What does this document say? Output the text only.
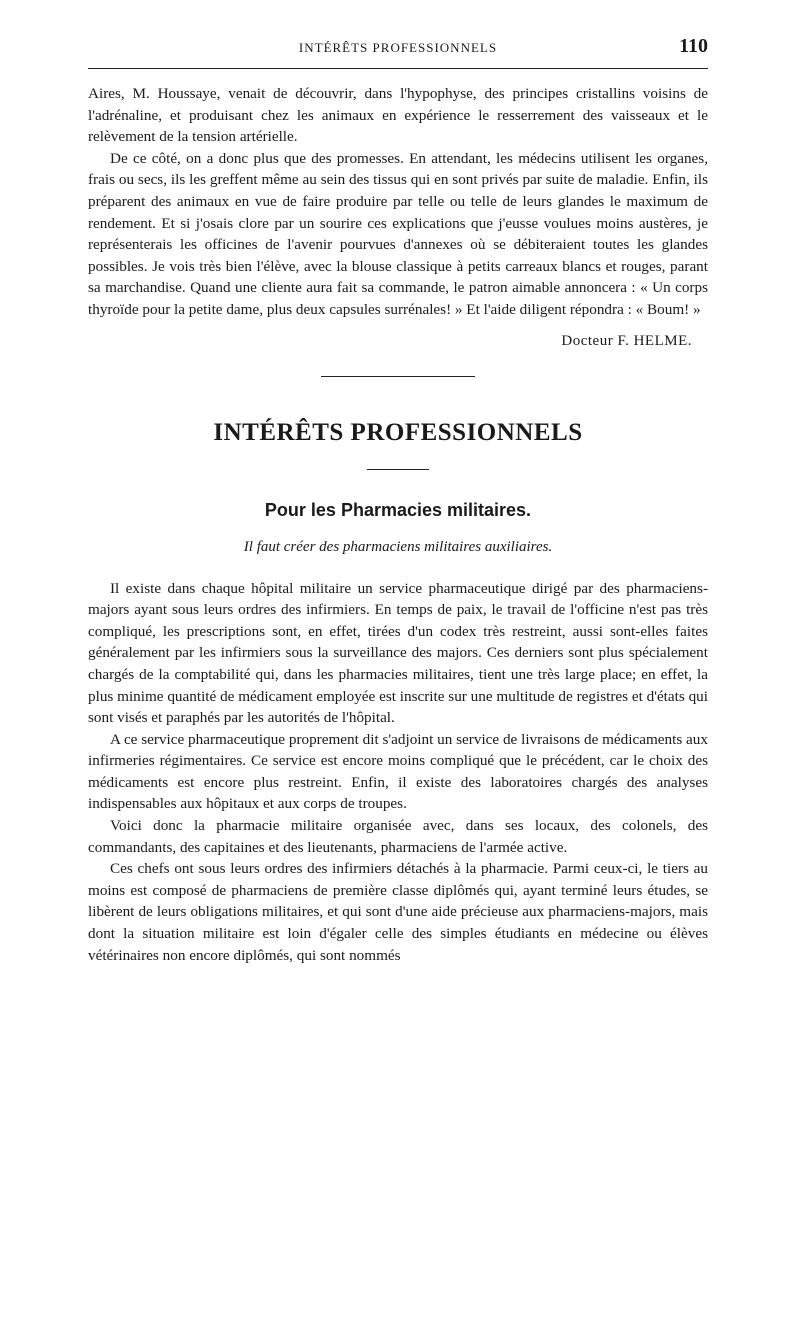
INTÉRÊTS PROFESSIONNELS	110

Aires, M. Houssaye, venait de découvrir, dans l'hypophyse, des principes cristallins voisins de l'adrénaline, et produisant chez les animaux en expérience le resserrement des vaisseaux et le relèvement de la tension artérielle.

De ce côté, on a donc plus que des promesses. En attendant, les médecins utilisent les organes, frais ou secs, ils les greffent même au sein des tissus qui en sont privés par suite de maladie. Enfin, ils préparent des animaux en vue de faire produire par telle ou telle de leurs glandes le maximum de rendement. Et si j'osais clore par un sourire ces explications que j'eusse voulues moins austères, je représenterais les officines de l'avenir pourvues d'annexes où se débiteraient toutes les glandes possibles. Je vois très bien l'élève, avec la blouse classique à petits carreaux blancs et rouges, parant sa marchandise. Quand une cliente aura fait sa commande, le patron aimable annoncera : « Un corps thyroïde pour la petite dame, plus deux capsules surrénales! » Et l'aide diligent répondra : « Boum! »

Docteur F. HELME.
INTÉRÊTS PROFESSIONNELS
Pour les Pharmacies militaires.
Il faut créer des pharmaciens militaires auxiliaires.

Il existe dans chaque hôpital militaire un service pharmaceutique dirigé par des pharmaciens-majors ayant sous leurs ordres des infirmiers. En temps de paix, le travail de l'officine n'est pas très compliqué, les prescriptions sont, en effet, tirées d'un codex très restreint, aussi sont-elles faites généralement par les infirmiers sous la surveillance des majors. Ces derniers sont plus spécialement chargés de la comptabilité qui, dans les pharmacies militaires, tient une très large place; en effet, la plus minime quantité de médicament employée est inscrite sur une multitude de registres et d'états qui sont visés et paraphés par les autorités de l'hôpital.

A ce service pharmaceutique proprement dit s'adjoint un service de livraisons de médicaments aux infirmeries régimentaires. Ce service est encore moins compliqué que le précédent, car le choix des médicaments est encore plus restreint. Enfin, il existe des laboratoires chargés des analyses indispensables aux hôpitaux et aux corps de troupes.

Voici donc la pharmacie militaire organisée avec, dans ses locaux, des colonels, des commandants, des capitaines et des lieutenants, pharmaciens de l'armée active.

Ces chefs ont sous leurs ordres des infirmiers détachés à la pharmacie. Parmi ceux-ci, le tiers au moins est composé de pharmaciens de première classe diplômés qui, ayant terminé leurs études, se libèrent de leurs obligations militaires, et qui sont d'une aide précieuse aux pharmaciens-majors, mais dont la situation militaire est loin d'égaler celle des simples étudiants en médecine ou élèves vétérinaires non encore diplômés, qui sont nommés
